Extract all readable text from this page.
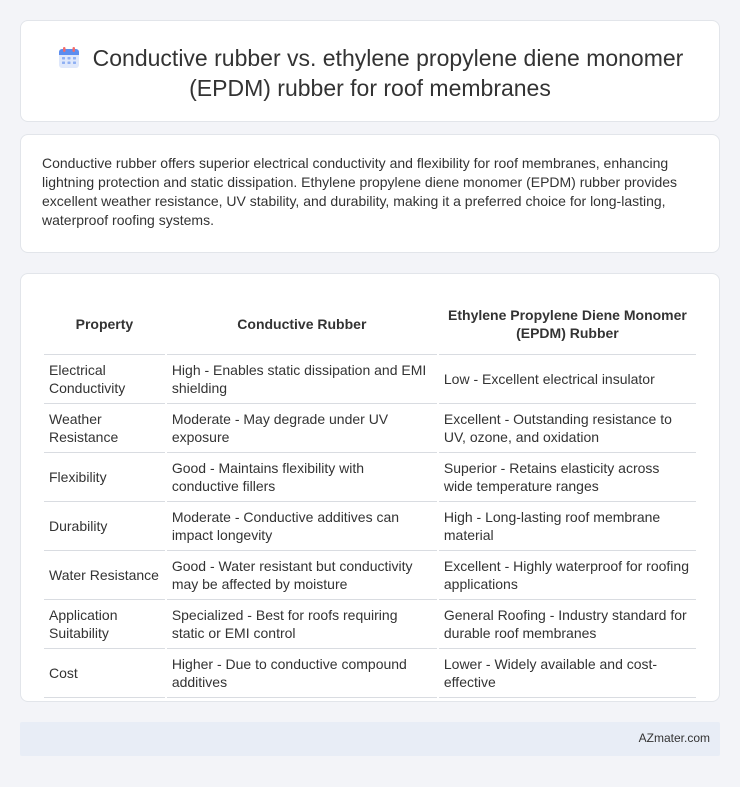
Conductive rubber vs. ethylene propylene diene monomer (EPDM) rubber for roof membranes

Conductive rubber offers superior electrical conductivity and flexibility for roof membranes, enhancing lightning protection and static dissipation. Ethylene propylene diene monomer (EPDM) rubber provides excellent weather resistance, UV stability, and durability, making it a preferred choice for long-lasting, waterproof roofing systems.

Property	Conductive Rubber	Ethylene Propylene Diene Monomer (EPDM) Rubber
Electrical Conductivity	High - Enables static dissipation and EMI shielding	Low - Excellent electrical insulator
Weather Resistance	Moderate - May degrade under UV exposure	Excellent - Outstanding resistance to UV, ozone, and oxidation
Flexibility	Good - Maintains flexibility with conductive fillers	Superior - Retains elasticity across wide temperature ranges
Durability	Moderate - Conductive additives can impact longevity	High - Long-lasting roof membrane material
Water Resistance	Good - Water resistant but conductivity may be affected by moisture	Excellent - Highly waterproof for roofing applications
Application Suitability	Specialized - Best for roofs requiring static or EMI control	General Roofing - Industry standard for durable roof membranes
Cost	Higher - Due to conductive compound additives	Lower - Widely available and cost-effective
AZmater.com
